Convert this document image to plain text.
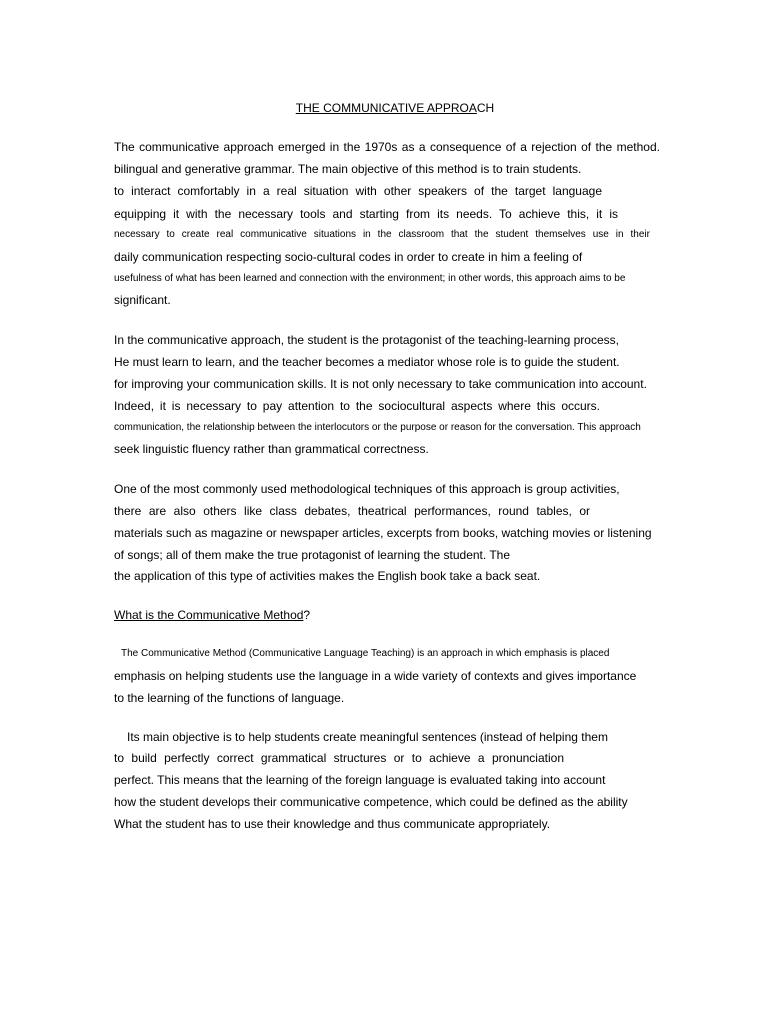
THE COMMUNICATIVE APPROACH
The communicative approach emerged in the 1970s as a consequence of a rejection of the method.
bilingual and generative grammar. The main objective of this method is to train students.
to interact comfortably in a real situation with other speakers of the target language
equipping it with the necessary tools and starting from its needs. To achieve this, it is
necessary to create real communicative situations in the classroom that the student themselves use in their
daily communication respecting socio-cultural codes in order to create in him a feeling of
usefulness of what has been learned and connection with the environment; in other words, this approach aims to be
significant.
In the communicative approach, the student is the protagonist of the teaching-learning process,
He must learn to learn, and the teacher becomes a mediator whose role is to guide the student.
for improving your communication skills. It is not only necessary to take communication into account.
Indeed, it is necessary to pay attention to the sociocultural aspects where this occurs.
communication, the relationship between the interlocutors or the purpose or reason for the conversation. This approach
seek linguistic fluency rather than grammatical correctness.
One of the most commonly used methodological techniques of this approach is group activities,
there are also others like class debates, theatrical performances, round tables, or
materials such as magazine or newspaper articles, excerpts from books, watching movies or listening
of songs; all of them make the true protagonist of learning the student. The
the application of this type of activities makes the English book take a back seat.
What is the Communicative Method?
The Communicative Method (Communicative Language Teaching) is an approach in which emphasis is placed
emphasis on helping students use the language in a wide variety of contexts and gives importance
to the learning of the functions of language.
Its main objective is to help students create meaningful sentences (instead of helping them
to build perfectly correct grammatical structures or to achieve a pronunciation
perfect. This means that the learning of the foreign language is evaluated taking into account
how the student develops their communicative competence, which could be defined as the ability
What the student has to use their knowledge and thus communicate appropriately.
